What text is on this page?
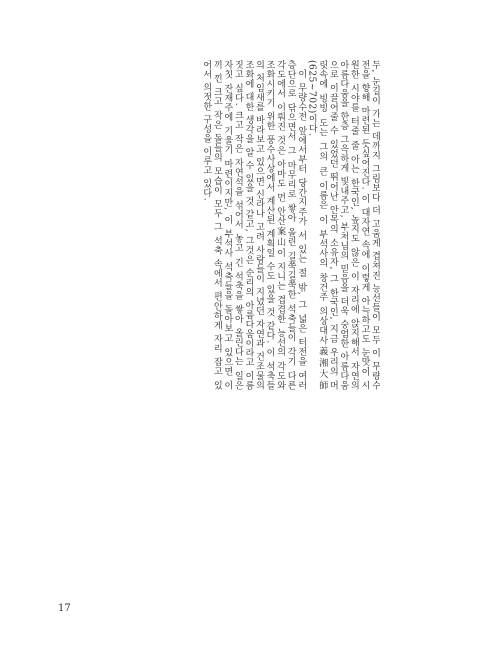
두, 눈길이 가는 데까지 그림보다 더 고움게 겹쳐진 능선들이 모두 이 무량수전을 향해 마련된 듯싶어진다. 이 대자연 속에 이렇게 아늑하고도 눈맛이 시원한 시야를 터줄 줄 아는 한국인, 높지도 않은 이 자리에 앉지해서 자연의 아름다움을 한층 그윽하게 빛내주고, 부처님의 믿음을 더욱 숭엄한 아름다움으로 이끌어줄 수 있었던 뛰어난 안목의 소유자, 그 한국인, 지금 우리의 머릿속에 빙빙 도는 그의 큰 이름은 이 부석사의 창건주 의상대사義湘大師(625∼702)이다.

이 무량수전 앞에서부터 당간지주가 서 있는 절 밖, 그 넓은 터전을 여러 층단으로 닦으면서 그 마무리로 쌓아 올린 길쭉길쭉한 석축들이 각기 다른 각도에서 이뤄진 것은 아마도 먼 안산案山이 지니는 겹겹한 능선의 각도와 조화시키기 위한 풍수사상에서 계산된 계획일 수도 있을 것 같다. 이 석축들의 처임새를 바라보고 있으면 신라나 고려 사람들이 지녔던 자연과 건조물의 조화에 대한 생각을 알 수 있을 것 같고, 그것은 순리의 아름다움이라고 이름 짓고 싶다. 크고 작은 자연석을 섞어서 놓고 긴 석축을 쌓아 올린다는 일은 자칫 잔재주에 기울기 마련이지만, 이 부석사 석축들을 돌아보고 있으면 이끼 낀 크고 작은 돌들의 모습이 모두 그 석축 속에서 편안하게 자리 잡고 있어서 의젓한 구성을 이루고 있다.

17
